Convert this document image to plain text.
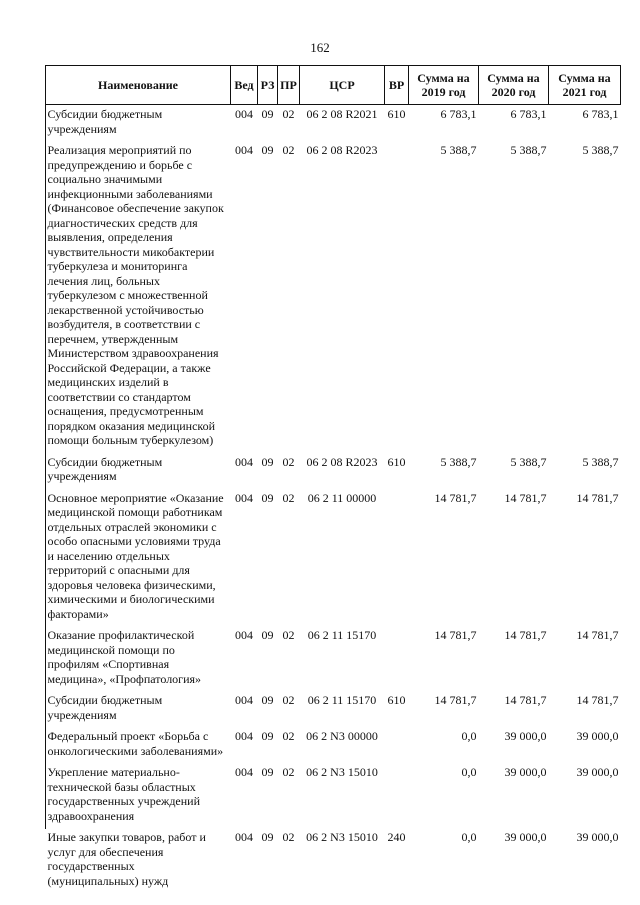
162
Наименование	Вед	РЗ	ПР	ЦСР	ВР	Сумма на 2019 год	Сумма на 2020 год	Сумма на 2021 год
Субсидии бюджетным учреждениям	004	09	02	06 2 08 R2021	610	6 783,1	6 783,1	6 783,1
Реализация мероприятий по предупреждению и борьбе с социально значимыми инфекционными заболеваниями (Финансовое обеспечение закупок диагностических средств для выявления, определения чувствительности микобактерии туберкулеза и мониторинга лечения лиц, больных туберкулезом с множественной лекарственной устойчивостью возбудителя, в соответствии с перечнем, утвержденным Министерством здравоохранения Российской Федерации, а также медицинских изделий в соответствии со стандартом оснащения, предусмотренным порядком оказания медицинской помощи больным туберкулезом)	004	09	02	06 2 08 R2023		5 388,7	5 388,7	5 388,7
Субсидии бюджетным учреждениям	004	09	02	06 2 08 R2023	610	5 388,7	5 388,7	5 388,7
Основное мероприятие «Оказание медицинской помощи работникам отдельных отраслей экономики с особо опасными условиями труда и населению отдельных территорий с опасными для здоровья человека физическими, химическими и биологическими факторами»	004	09	02	06 2 11 00000		14 781,7	14 781,7	14 781,7
Оказание профилактической медицинской помощи по профилям «Спортивная медицина», «Профпатология»	004	09	02	06 2 11 15170		14 781,7	14 781,7	14 781,7
Субсидии бюджетным учреждениям	004	09	02	06 2 11 15170	610	14 781,7	14 781,7	14 781,7
Федеральный проект «Борьба с онкологическими заболеваниями»	004	09	02	06 2 N3 00000		0,0	39 000,0	39 000,0
Укрепление материально-технической базы областных государственных учреждений здравоохранения	004	09	02	06 2 N3 15010		0,0	39 000,0	39 000,0
Иные закупки товаров, работ и услуг для обеспечения государственных (муниципальных) нужд	004	09	02	06 2 N3 15010	240	0,0	39 000,0	39 000,0
